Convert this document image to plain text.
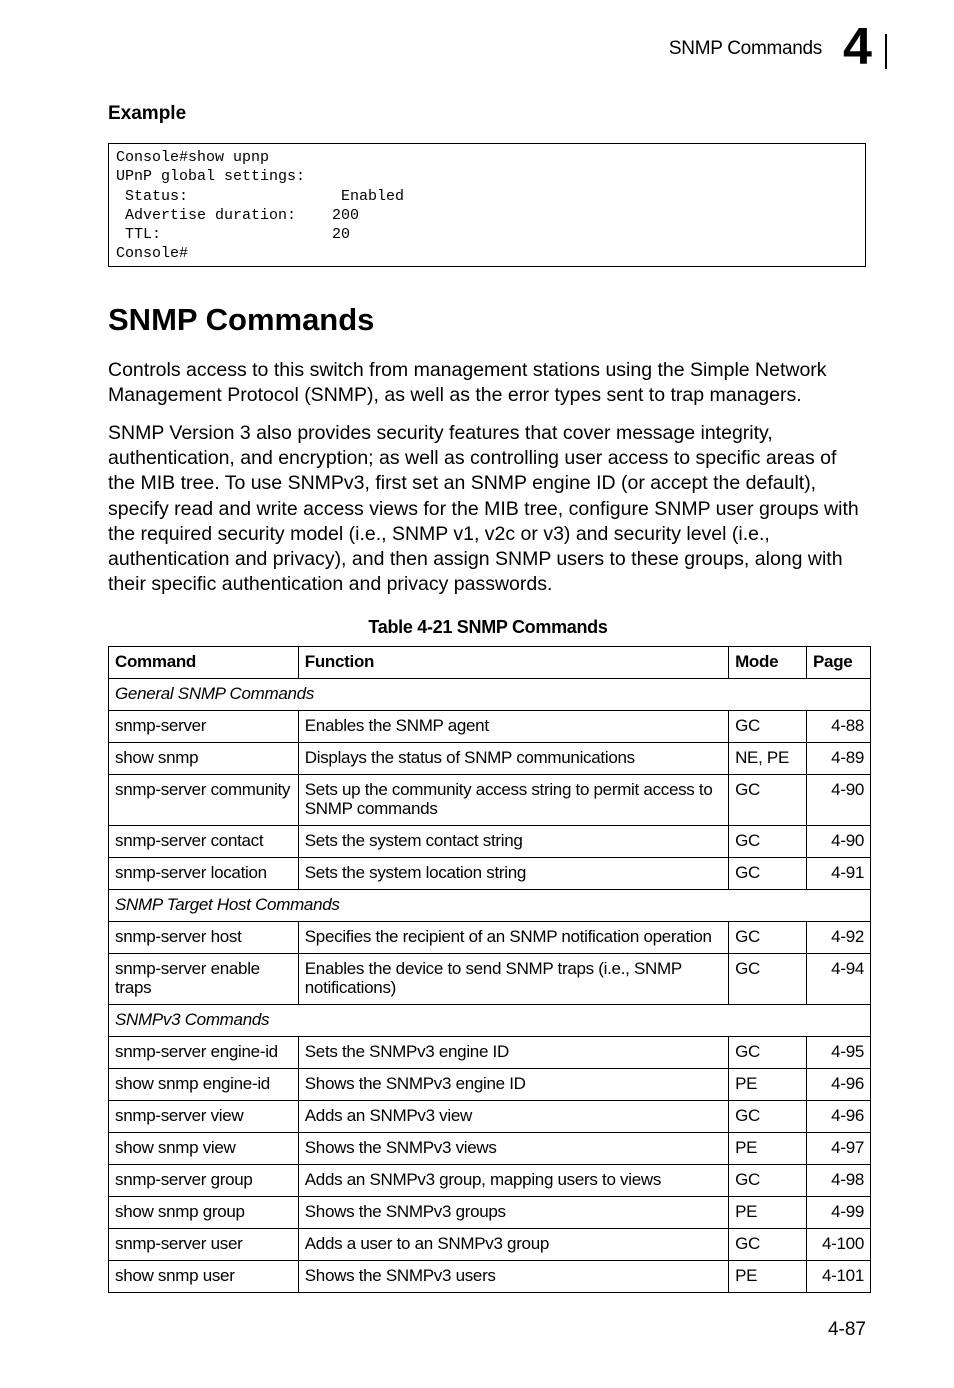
SNMP Commands 4
Example
Console#show upnp
UPnP global settings:
Status:                 Enabled
Advertise duration:    200
TTL:                   20
Console#
SNMP Commands

Controls access to this switch from management stations using the Simple Network Management Protocol (SNMP), as well as the error types sent to trap managers.

SNMP Version 3 also provides security features that cover message integrity, authentication, and encryption; as well as controlling user access to specific areas of the MIB tree. To use SNMPv3, first set an SNMP engine ID (or accept the default), specify read and write access views for the MIB tree, configure SNMP user groups with the required security model (i.e., SNMP v1, v2c or v3) and security level (i.e., authentication and privacy), and then assign SNMP users to these groups, along with their specific authentication and privacy passwords.

Table 4-21 SNMP Commands
Command	Function	Mode	Page
General SNMP Commands			
snmp-server	Enables the SNMP agent	GC	4-88
show snmp	Displays the status of SNMP communications	NE, PE	4-89
snmp-server community	Sets up the community access string to permit access to SNMP commands	GC	4-90
snmp-server contact	Sets the system contact string	GC	4-90
snmp-server location	Sets the system location string	GC	4-91
SNMP Target Host Commands			
snmp-server host	Specifies the recipient of an SNMP notification operation	GC	4-92
snmp-server enable traps	Enables the device to send SNMP traps (i.e., SNMP notifications)	GC	4-94
SNMPv3 Commands			
snmp-server engine-id	Sets the SNMPv3 engine ID	GC	4-95
show snmp engine-id	Shows the SNMPv3 engine ID	PE	4-96
snmp-server view	Adds an SNMPv3 view	GC	4-96
show snmp view	Shows the SNMPv3 views	PE	4-97
snmp-server group	Adds an SNMPv3 group, mapping users to views	GC	4-98
show snmp group	Shows the SNMPv3 groups	PE	4-99
snmp-server user	Adds a user to an SNMPv3 group	GC	4-100
show snmp user	Shows the SNMPv3 users	PE	4-101
4-87
